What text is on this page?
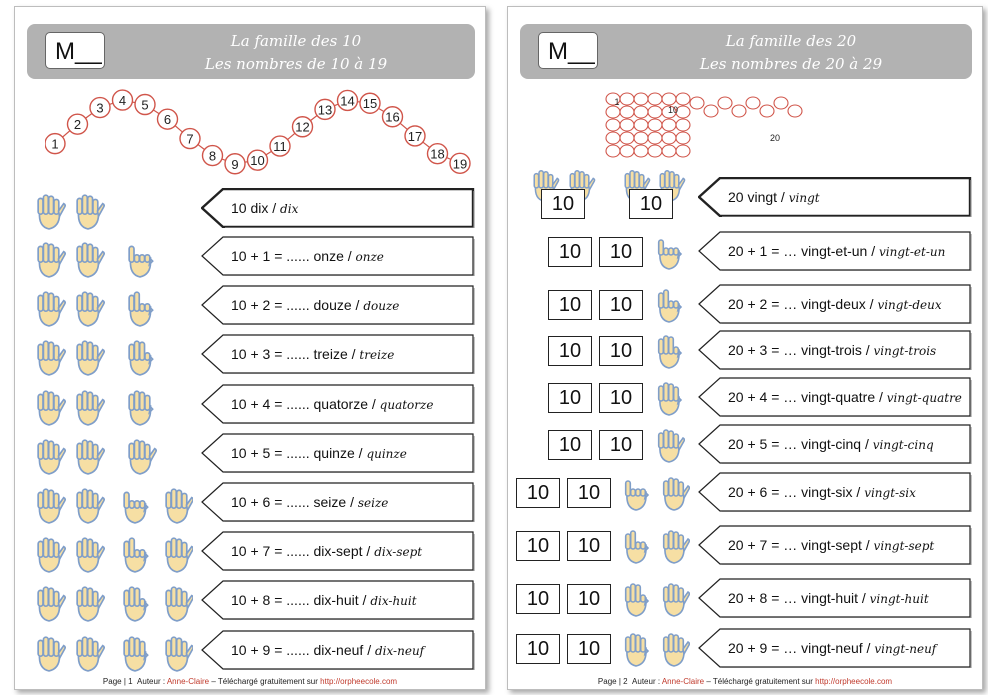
M__	La famille des 10
Les nombres de 10 à 19
1
2
3 4 5
6
7
8
9 10
11
12
13
14 15
16
17
18
19
10 dix / dix
10 + 1 = ...... onze / onze
10 + 2 = ...... douze / douze
10 + 3 = ...... treize / treize
10 + 4 = ...... quatorze / quatorze
10 + 5 = ...... quinze / quinze
10 + 6 = ...... seize / seize
10 + 7 = ...... dix-sept / dix-sept
10 + 8 = ...... dix-huit / dix-huit
10 + 9 = ...... dix-neuf / dix-neuf
Page | 1 Auteur : Anne-Claire – Téléchargé gratuitement sur http://orpheecole.com
M__	La famille des 20
Les nombres de 20 à 29
1
10
20
10	10	20 vingt / vingt
10	10	20 + 1 = … vingt-et-un / vingt-et-un
10	10	20 + 2 = … vingt-deux / vingt-deux
10	10	20 + 3 = … vingt-trois / vingt-trois
10	10	20 + 4 = … vingt-quatre / vingt-quatre
10	10	20 + 5 = … vingt-cinq / vingt-cinq
10	10	20 + 6 = … vingt-six / vingt-six
10	10	20 + 7 = … vingt-sept / vingt-sept
10	10	20 + 8 = … vingt-huit / vingt-huit
10	10	20 + 9 = … vingt-neuf / vingt-neuf
Page | 2 Auteur : Anne-Claire – Téléchargé gratuitement sur http://orpheecole.com
